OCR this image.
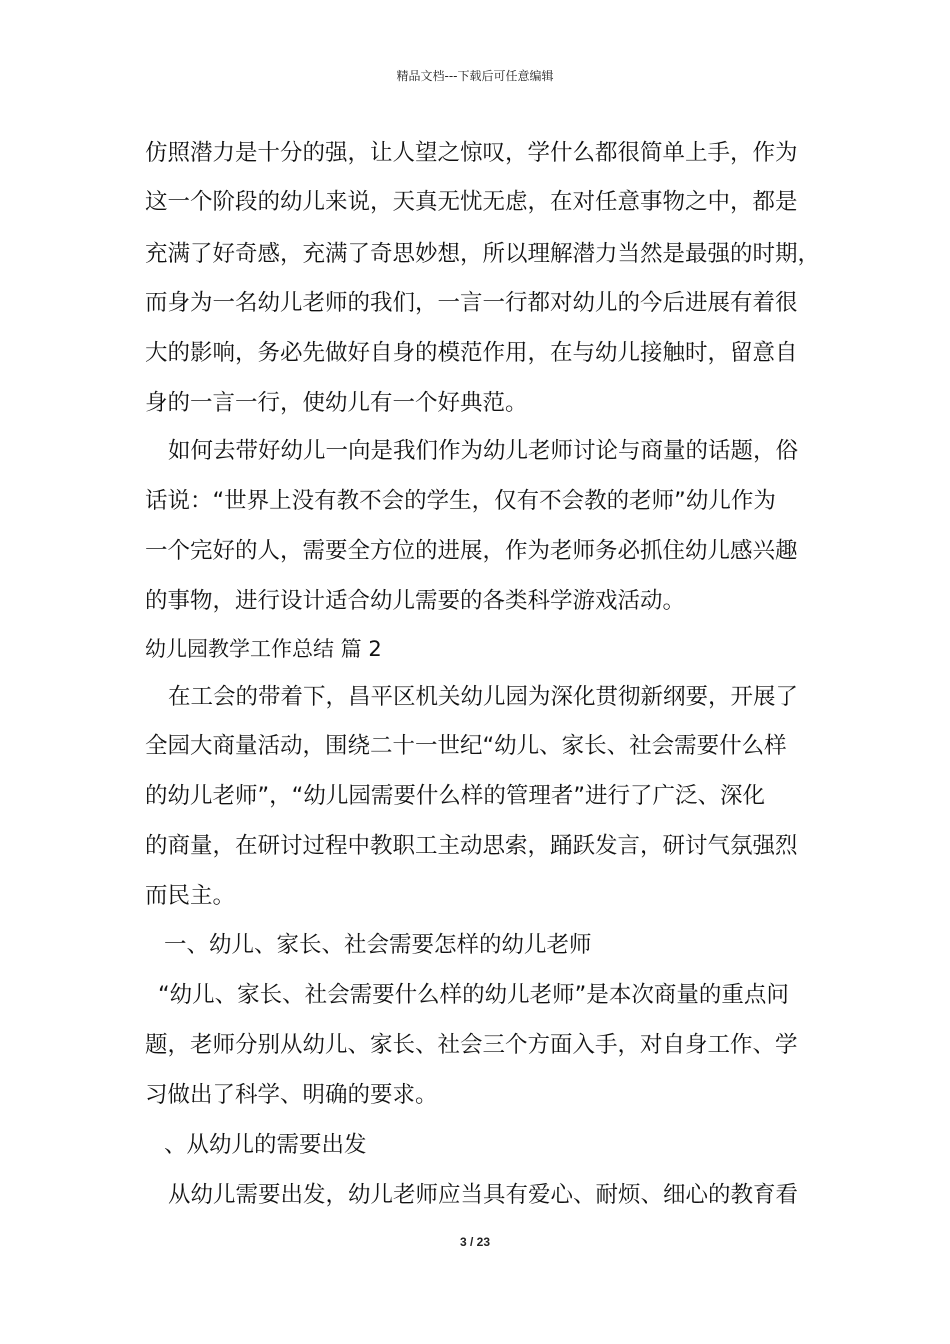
精品文档---下载后可任意编辑
仿照潜力是十分的强，让人望之惊叹，学什么都很简单上手，作为
这一个阶段的幼儿来说，天真无忧无虑，在对任意事物之中，都是
充满了好奇感，充满了奇思妙想，所以理解潜力当然是最强的时期，
而身为一名幼儿老师的我们，一言一行都对幼儿的今后进展有着很
大的影响，务必先做好自身的模范作用，在与幼儿接触时，留意自
身的一言一行，使幼儿有一个好典范。
如何去带好幼儿一向是我们作为幼儿老师讨论与商量的话题，俗
话说：“世界上没有教不会的学生，仅有不会教的老师”幼儿作为
一个完好的人，需要全方位的进展，作为老师务必抓住幼儿感兴趣
的事物，进行设计适合幼儿需要的各类科学游戏活动。
幼儿园教学工作总结 篇 2
在工会的带着下，昌平区机关幼儿园为深化贯彻新纲要，开展了
全园大商量活动，围绕二十一世纪“幼儿、家长、社会需要什么样
的幼儿老师”，“幼儿园需要什么样的管理者”进行了广泛、深化
的商量，在研讨过程中教职工主动思索，踊跃发言，研讨气氛强烈
而民主。
一、幼儿、家长、社会需要怎样的幼儿老师
“幼儿、家长、社会需要什么样的幼儿老师”是本次商量的重点问
题，老师分别从幼儿、家长、社会三个方面入手，对自身工作、学
习做出了科学、明确的要求。
、从幼儿的需要出发
从幼儿需要出发，幼儿老师应当具有爱心、耐烦、细心的教育看
3 / 23
